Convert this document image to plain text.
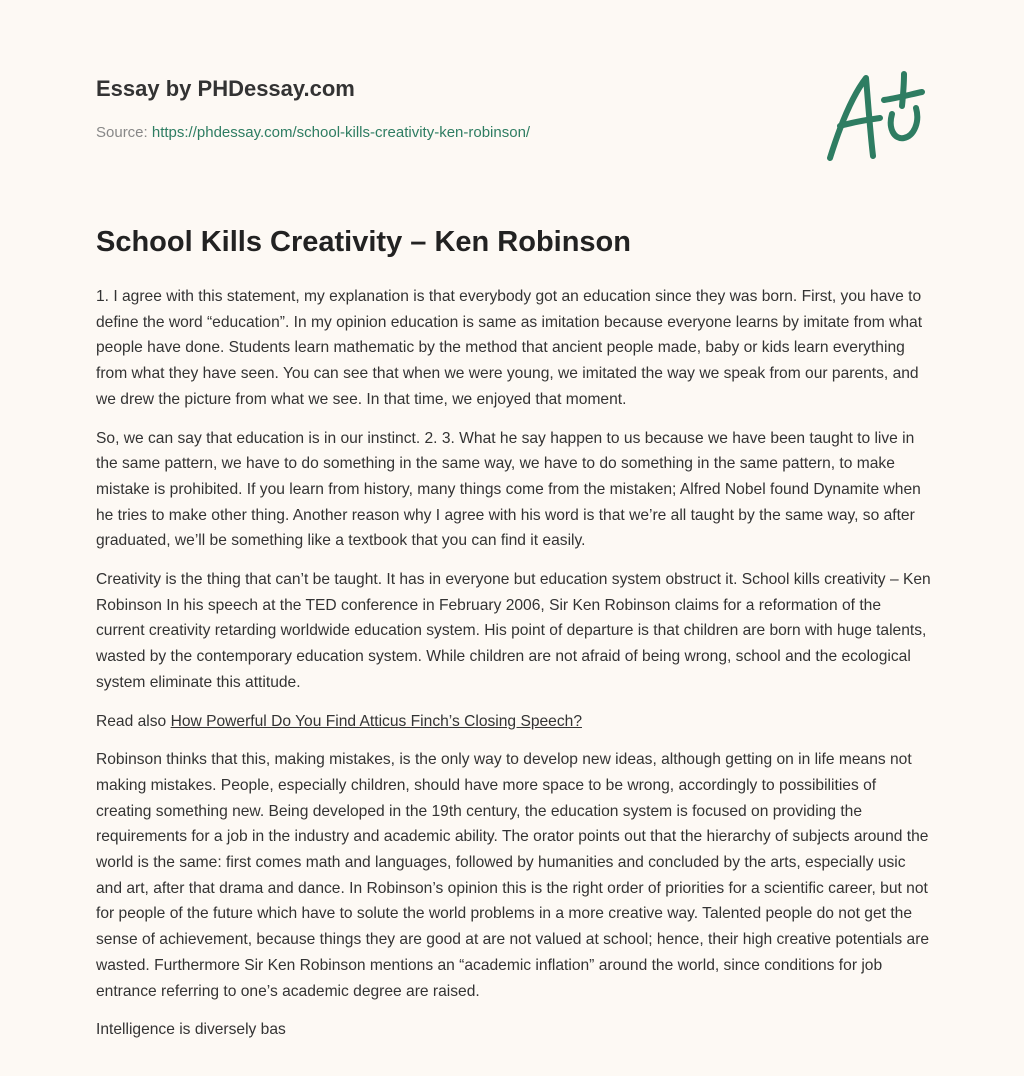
Essay by PHDessay.com
Source: https://phdessay.com/school-kills-creativity-ken-robinson/
School Kills Creativity – Ken Robinson

1. I agree with this statement, my explanation is that everybody got an education since they was born. First, you have to define the word “education”. In my opinion education is same as imitation because everyone learns by imitate from what people have done. Students learn mathematic by the method that ancient people made, baby or kids learn everything from what they have seen. You can see that when we were young, we imitated the way we speak from our parents, and we drew the picture from what we see. In that time, we enjoyed that moment.

So, we can say that education is in our instinct. 2. 3. What he say happen to us because we have been taught to live in the same pattern, we have to do something in the same way, we have to do something in the same pattern, to make mistake is prohibited. If you learn from history, many things come from the mistaken; Alfred Nobel found Dynamite when he tries to make other thing. Another reason why I agree with his word is that we’re all taught by the same way, so after graduated, we’ll be something like a textbook that you can find it easily.

Creativity is the thing that can’t be taught. It has in everyone but education system obstruct it. School kills creativity – Ken Robinson In his speech at the TED conference in February 2006, Sir Ken Robinson claims for a reformation of the current creativity retarding worldwide education system. His point of departure is that children are born with huge talents, wasted by the contemporary education system. While children are not afraid of being wrong, school and the ecological system eliminate this attitude.

Read also How Powerful Do You Find Atticus Finch’s Closing Speech?

Robinson thinks that this, making mistakes, is the only way to develop new ideas, although getting on in life means not making mistakes. People, especially children, should have more space to be wrong, accordingly to possibilities of creating something new. Being developed in the 19th century, the education system is focused on providing the requirements for a job in the industry and academic ability. The orator points out that the hierarchy of subjects around the world is the same: first comes math and languages, followed by humanities and concluded by the arts, especially usic and art, after that drama and dance. In Robinson’s opinion this is the right order of priorities for a scientific career, but not for people of the future which have to solute the world problems in a more creative way. Talented people do not get the sense of achievement, because things they are good at are not valued at school; hence, their high creative potentials are wasted. Furthermore Sir Ken Robinson mentions an “academic inflation” around the world, since conditions for job entrance referring to one’s academic degree are raised.

Intelligence is diversely bas
